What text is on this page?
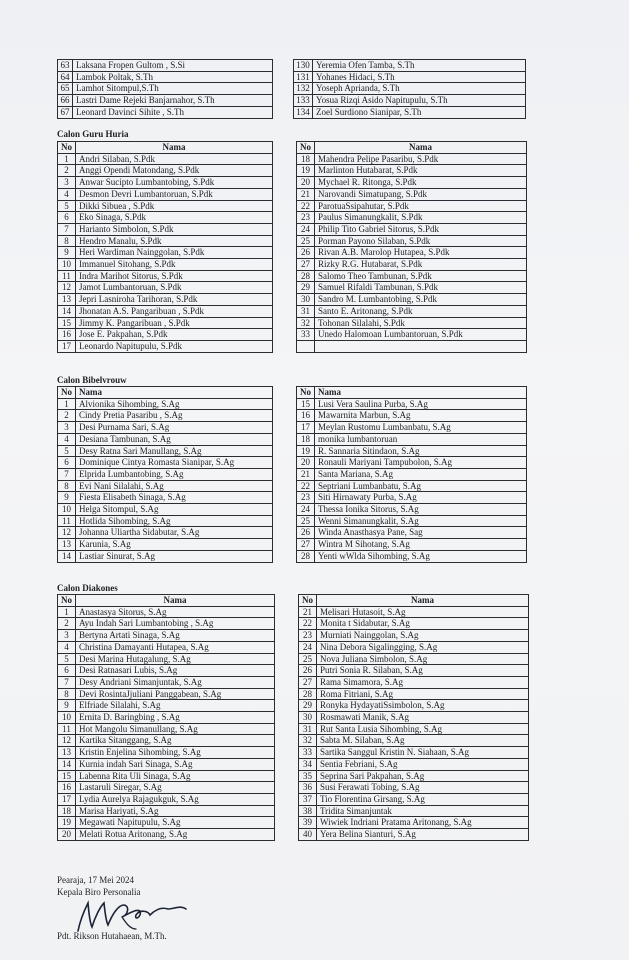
63	Laksana Fropen Gultom , S.Si
64	Lambok Poltak, S.Th
65	Lamhot Sitompul,S.Th
66	Lastri Dame Rejeki Banjarnahor, S.Th
67	Leonard Davinci Sihite , S.Th
130	Yeremia Ofen Tamba, S.Th
131	Yohanes Hidaci, S.Th
132	Yoseph Aprianda, S.Th
133	Yosua Rizqi Asido Napitupulu, S.Th
134	Zoel Surdiono Sianipar, S.Th
Calon Guru Huria
No	Nama
1	Andri Silaban, S.Pdk
2	Anggi Opendi Matondang, S.Pdk
3	Anwar Sucipto Lumbantobing, S.Pdk
4	Desmon Devri Lumbantoruan, S.Pdk
5	Dikki Sibuea , S.Pdk
6	Eko Sinaga, S.Pdk
7	Harianto Simbolon, S.Pdk
8	Hendro Manalu, S.Pdk
9	Heri Wardiman Nainggolan, S.Pdk
10	Immanuel Sitohang, S.Pdk
11	Indra Marihot Sitorus, S.Pdk
12	Jamot Lumbantoruan, S.Pdk
13	Jepri Lasniroha Tarihoran, S.Pdk
14	Jhonatan A.S. Pangaribuan , S.Pdk
15	Jimmy K. Pangaribuan , S.Pdk
16	Jose E. Pakpahan, S.Pdk
17	Leonardo Napitupulu, S.Pdk
No	Nama
18	Mahendra Pelipe Pasaribu, S.Pdk
19	Marlinton Hutabarat, S.Pdk
20	Mychael R. Ritonga, S.Pdk
21	Narovandi Simatupang, S.Pdk
22	ParotuaSsipahutar, S.Pdk
23	Paulus Simanungkalit, S.Pdk
24	Philip Tito Gabriel Sitorus, S.Pdk
25	Porman Payono Silaban, S.Pdk
26	Rivan A.B. Marolop Hutapea, S.Pdk
27	Rizky R.G. Hutabarat, S.Pdk
28	Salomo Theo Tambunan, S.Pdk
29	Samuel Rifaldi Tambunan, S.Pdk
30	Sandro M. Lumbantobing, S.Pdk
31	Santo E. Aritonang, S.Pdk
32	Tohonan Silalahi, S.Pdk
33	Unedo Halomoan Lumbantoruan, S.Pdk

Calon Bibelvrouw
No	Nama
1	Alvionika Sihombing, S.Ag
2	Cindy Pretia Pasaribu , S.Ag
3	Desi Purnama Sari, S.Ag
4	Desiana Tambunan, S.Ag
5	Desy Ratna Sari Manullang, S.Ag
6	Dominique Cintya Romasta Sianipar, S.Ag
7	Elprida Lumbantobing, S.Ag
8	Evi Nani Silalahi, S.Ag
9	Fiesta Elisabeth Sinaga, S.Ag
10	Helga Sitompul, S.Ag
11	Hotlida Sihombing, S.Ag
12	Johanna Uliartha Sidabutar, S.Ag
13	Karunia, S.Ag
14	Lastiar Sinurat, S.Ag
No	Nama
15	Lusi Vera Saulina Purba, S.Ag
16	Mawarnita Marbun, S.Ag
17	Meylan Rustomu Lumbanbatu, S.Ag
18	monika lumbantoruan
19	R. Sannaria Sitindaon, S.Ag
20	Ronauli Mariyani Tampubolon, S.Ag
21	Santa Mariana, S.Ag
22	Septriani Lumbanbatu, S.Ag
23	Siti Hirnawaty Purba, S.Ag
24	Thessa Ionika Sitorus, S.Ag
25	Wenni Simanungkalit, S.Ag
26	Winda Anasthasya Pane, Sag
27	Wintra M Sihotang, S.Ag
28	Yenti wWlda Sihombing, S.Ag
Calon Diakones
No	Nama
1	Anastasya Sitorus, S.Ag
2	Ayu Indah Sari Lumbantobing , S.Ag
3	Bertyna Artati Sinaga, S.Ag
4	Christina Damayanti Hutapea, S.Ag
5	Desi Marina Hutagalung, S.Ag
6	Desi Ratnasari Lubis, S.Ag
7	Desy Andriani Simanjuntak, S.Ag
8	Devi RosintaJjuliani Panggabean, S.Ag
9	Elfriade Silalahi, S.Ag
10	Ernita D. Baringbing , S.Ag
11	Hot Mangolu Simanullang, S.Ag
12	Kartika Sitanggang, S.Ag
13	Kristin Enjelina Sihombing, S.Ag
14	Kurnia indah Sari Sinaga, S.Ag
15	Labenna Rita Uli Sinaga, S.Ag
16	Lastaruli Siregar, S.Ag
17	Lydia Aurelya Rajagukguk, S.Ag
18	Marisa Hariyati, S.Ag
19	Megawati Napitupulu, S.Ag
20	Melati Rotua Aritonang, S.Ag
No	Nama
21	Melisari Hutasoit, S.Ag
22	Monita t Sidabutar, S.Ag
23	Murniati Nainggolan, S.Ag
24	Nina Debora Sigalingging, S.Ag
25	Nova Juliana Simbolon, S.Ag
26	Putri Sonia R. Silaban, S.Ag
27	Rama Simamora, S.Ag
28	Roma Fitriani, S.Ag
29	Ronyka HydayatiSsimbolon, S.Ag
30	Rosmawati Manik, S.Ag
31	Rut Santa Lusia Sihombing, S.Ag
32	Sabta M. Silaban, S.Ag
33	Sartika Sanggul Kristin N. Siahaan, S.Ag
34	Sentia Febriani, S.Ag
35	Seprina Sari Pakpahan, S.Ag
36	Susi Ferawati Tobing, S.Ag
37	Tio Florentina Girsang, S.Ag
38	Tridita Simanjuntak
39	Wiwiek Indriani Pratama Aritonang, S.Ag
40	Yera Belina Sianturi, S.Ag
Pearaja, 17 Mei 2024
Kepala Biro Personalia
Pdt. Rikson Hutahaean, M.Th.
